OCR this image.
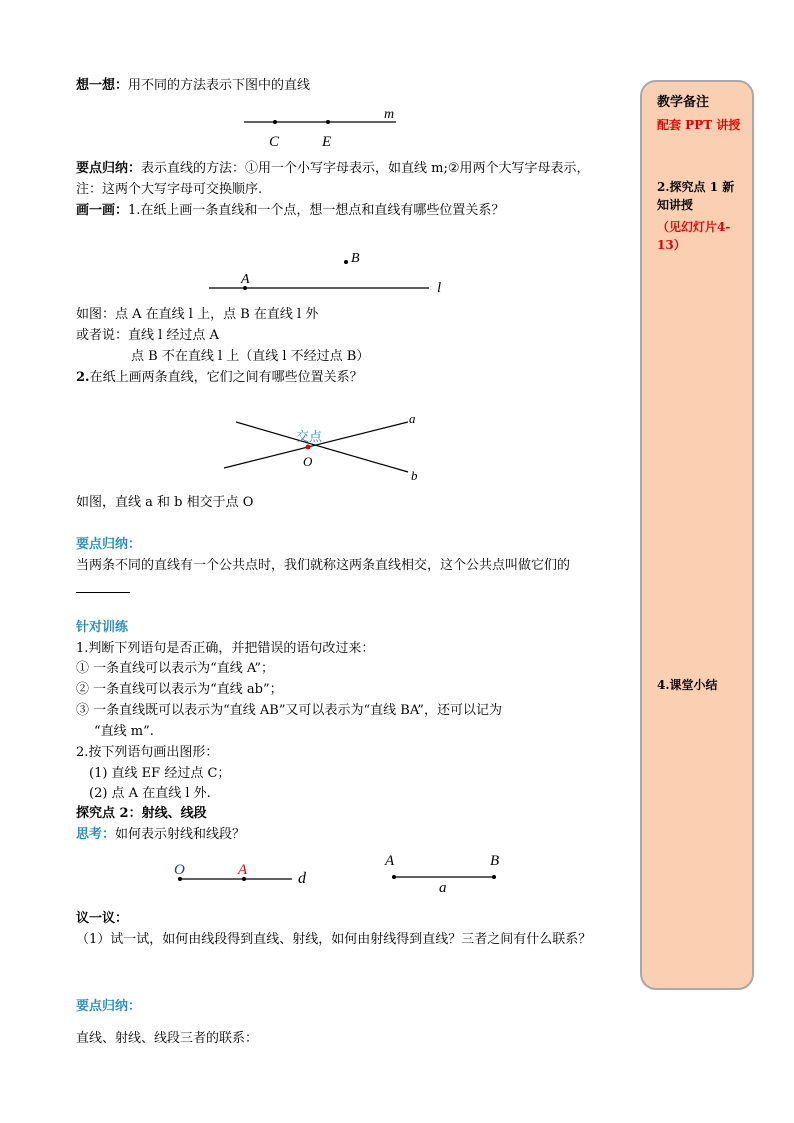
教学备注
配套 PPT 讲授
2.探究点 1 新知讲授
（见幻灯片4-13）
4.课堂小结
想一想：用不同的方法表示下图中的直线
m
C	E
要点归纳：表示直线的方法：①用一个小写字母表示，如直线 m;②用两个大写字母表示，
注：这两个大写字母可交换顺序.
画一画：1.在纸上画一条直线和一个点，想一想点和直线有哪些位置关系？
A
B
l
如图：点 A 在直线 l 上，点 B 在直线 l 外
或者说：直线 l 经过点 A
点 B 不在直线 l 上（直线 l 不经过点 B）
2.在纸上画两条直线，它们之间有哪些位置关系？
a
b
O
交点
如图，直线 a 和 b 相交于点 O
要点归纳：
当两条不同的直线有一个公共点时，我们就称这两条直线相交，这个公共点叫做它们的
针对训练
1.判断下列语句是否正确，并把错误的语句改过来：
① 一条直线可以表示为“直线 A”；
② 一条直线可以表示为“直线 ab”；
③ 一条直线既可以表示为“直线 AB”又可以表示为“直线 BA”，还可以记为
“直线 m”.
2.按下列语句画出图形：
(1) 直线 EF 经过点 C；
(2) 点 A 在直线 l 外.
探究点 2：射线、线段
思考：如何表示射线和线段？
O	A	d
A	B
a
议一议：
（1）试一试，如何由线段得到直线、射线，如何由射线得到直线？三者之间有什么联系？
要点归纳：
直线、射线、线段三者的联系：
